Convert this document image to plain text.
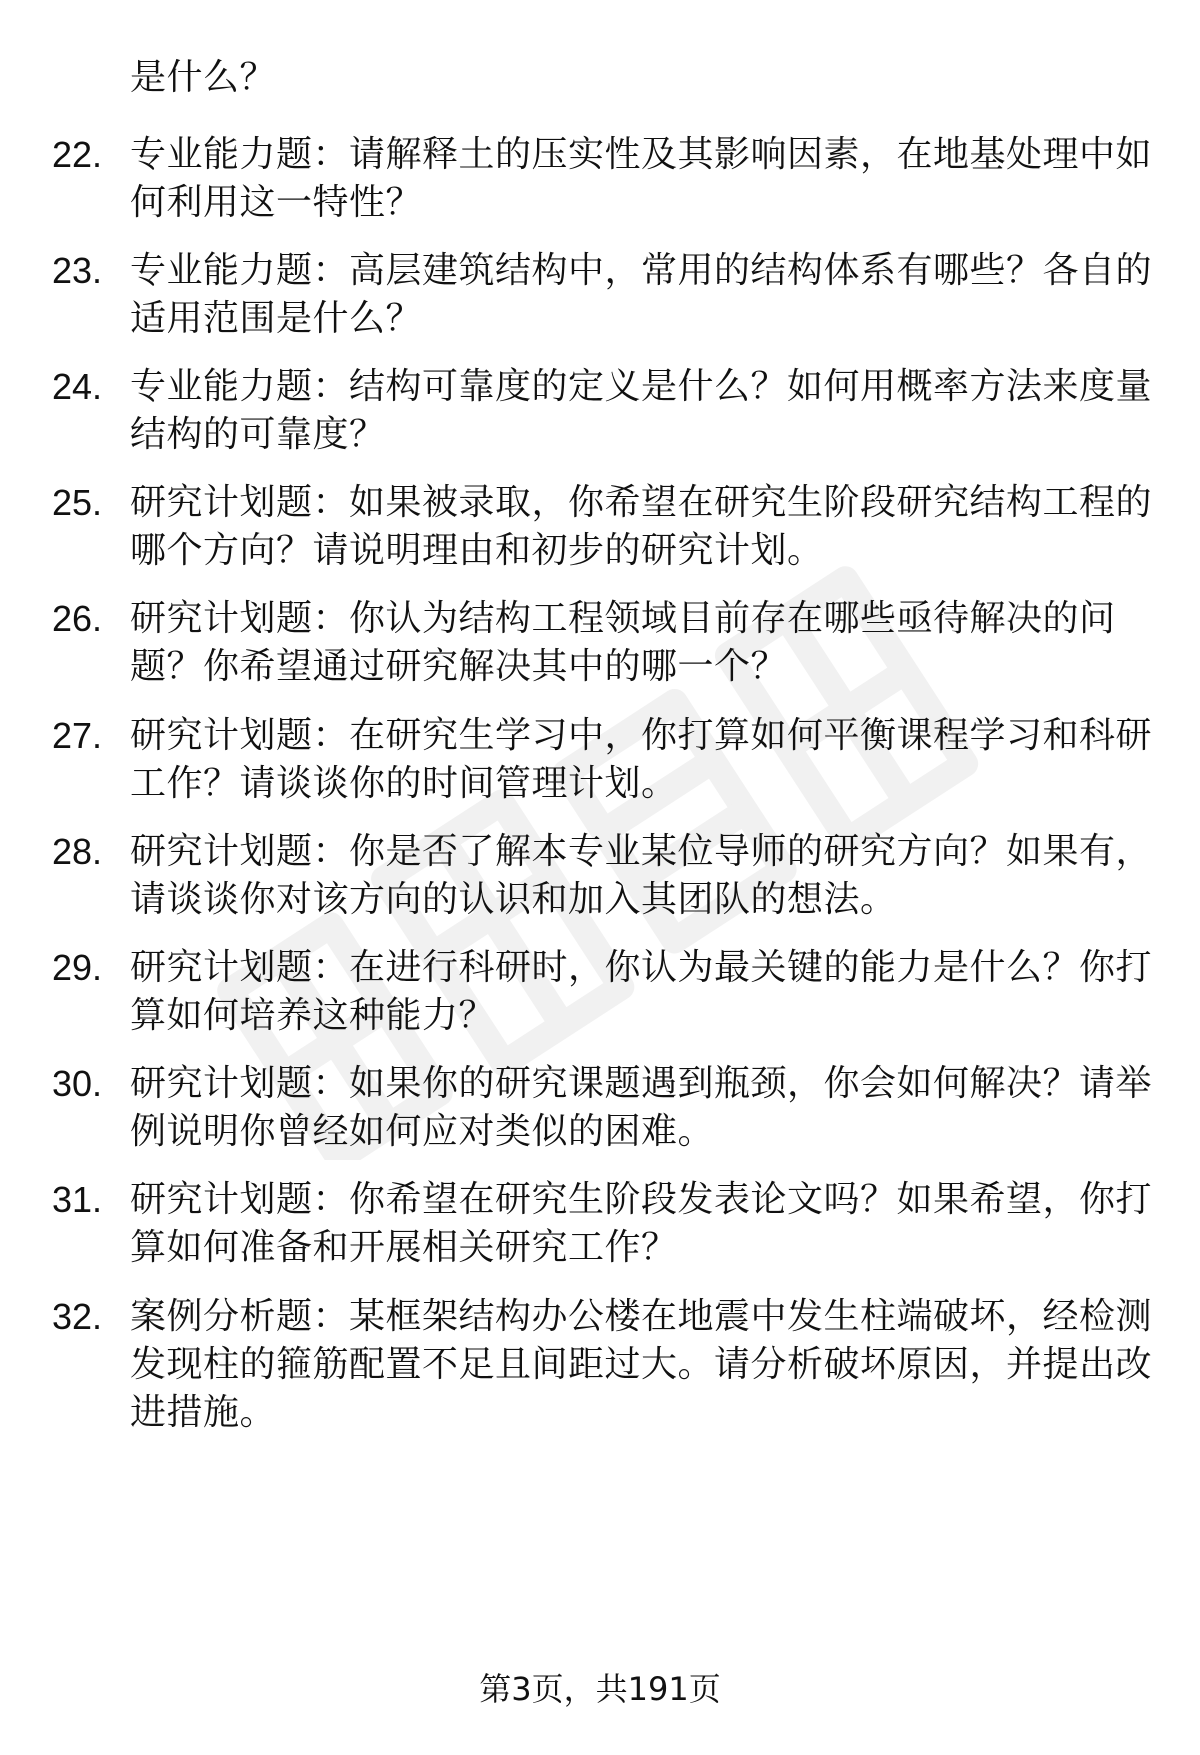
是什么？
22. 专业能力题：请解释土的压实性及其影响因素，在地基处理中如
何利用这一特性？
23. 专业能力题：高层建筑结构中，常用的结构体系有哪些？各自的
适用范围是什么？
24. 专业能力题：结构可靠度的定义是什么？如何用概率方法来度量
结构的可靠度？
25. 研究计划题：如果被录取，你希望在研究生阶段研究结构工程的
哪个方向？请说明理由和初步的研究计划。
26. 研究计划题：你认为结构工程领域目前存在哪些亟待解决的问
题？你希望通过研究解决其中的哪一个？
27. 研究计划题：在研究生学习中，你打算如何平衡课程学习和科研
工作？请谈谈你的时间管理计划。
28. 研究计划题：你是否了解本专业某位导师的研究方向？如果有，
请谈谈你对该方向的认识和加入其团队的想法。
29. 研究计划题：在进行科研时，你认为最关键的能力是什么？你打
算如何培养这种能力？
30. 研究计划题：如果你的研究课题遇到瓶颈，你会如何解决？请举
例说明你曾经如何应对类似的困难。
31. 研究计划题：你希望在研究生阶段发表论文吗？如果希望，你打
算如何准备和开展相关研究工作？
32. 案例分析题：某框架结构办公楼在地震中发生柱端破坏，经检测
发现柱的箍筋配置不足且间距过大。请分析破坏原因，并提出改
进措施。
第3页，共191页
